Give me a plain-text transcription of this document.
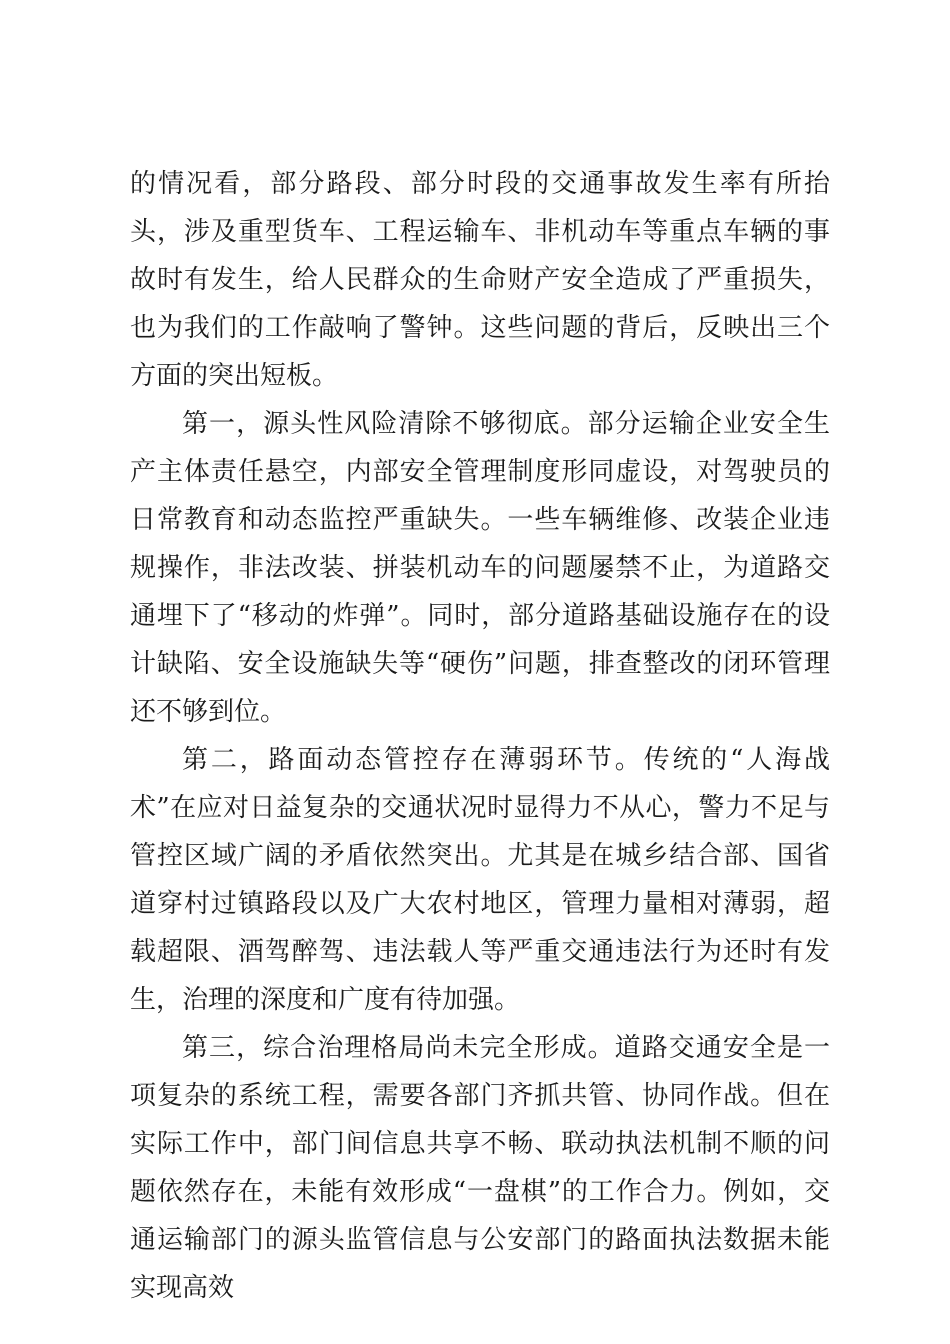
的情况看，部分路段、部分时段的交通事故发生率有所抬头，涉及重型货车、工程运输车、非机动车等重点车辆的事故时有发生，给人民群众的生命财产安全造成了严重损失，也为我们的工作敲响了警钟。这些问题的背后，反映出三个方面的突出短板。

第一，源头性风险清除不够彻底。部分运输企业安全生产主体责任悬空，内部安全管理制度形同虚设，对驾驶员的日常教育和动态监控严重缺失。一些车辆维修、改装企业违规操作，非法改装、拼装机动车的问题屡禁不止，为道路交通埋下了“移动的炸弹”。同时，部分道路基础设施存在的设计缺陷、安全设施缺失等“硬伤”问题，排查整改的闭环管理还不够到位。

第二，路面动态管控存在薄弱环节。传统的“人海战术”在应对日益复杂的交通状况时显得力不从心，警力不足与管控区域广阔的矛盾依然突出。尤其是在城乡结合部、国省道穿村过镇路段以及广大农村地区，管理力量相对薄弱，超载超限、酒驾醉驾、违法载人等严重交通违法行为还时有发生，治理的深度和广度有待加强。

第三，综合治理格局尚未完全形成。道路交通安全是一项复杂的系统工程，需要各部门齐抓共管、协同作战。但在实际工作中，部门间信息共享不畅、联动执法机制不顺的问题依然存在，未能有效形成“一盘棋”的工作合力。例如，交通运输部门的源头监管信息与公安部门的路面执法数据未能实现高效
